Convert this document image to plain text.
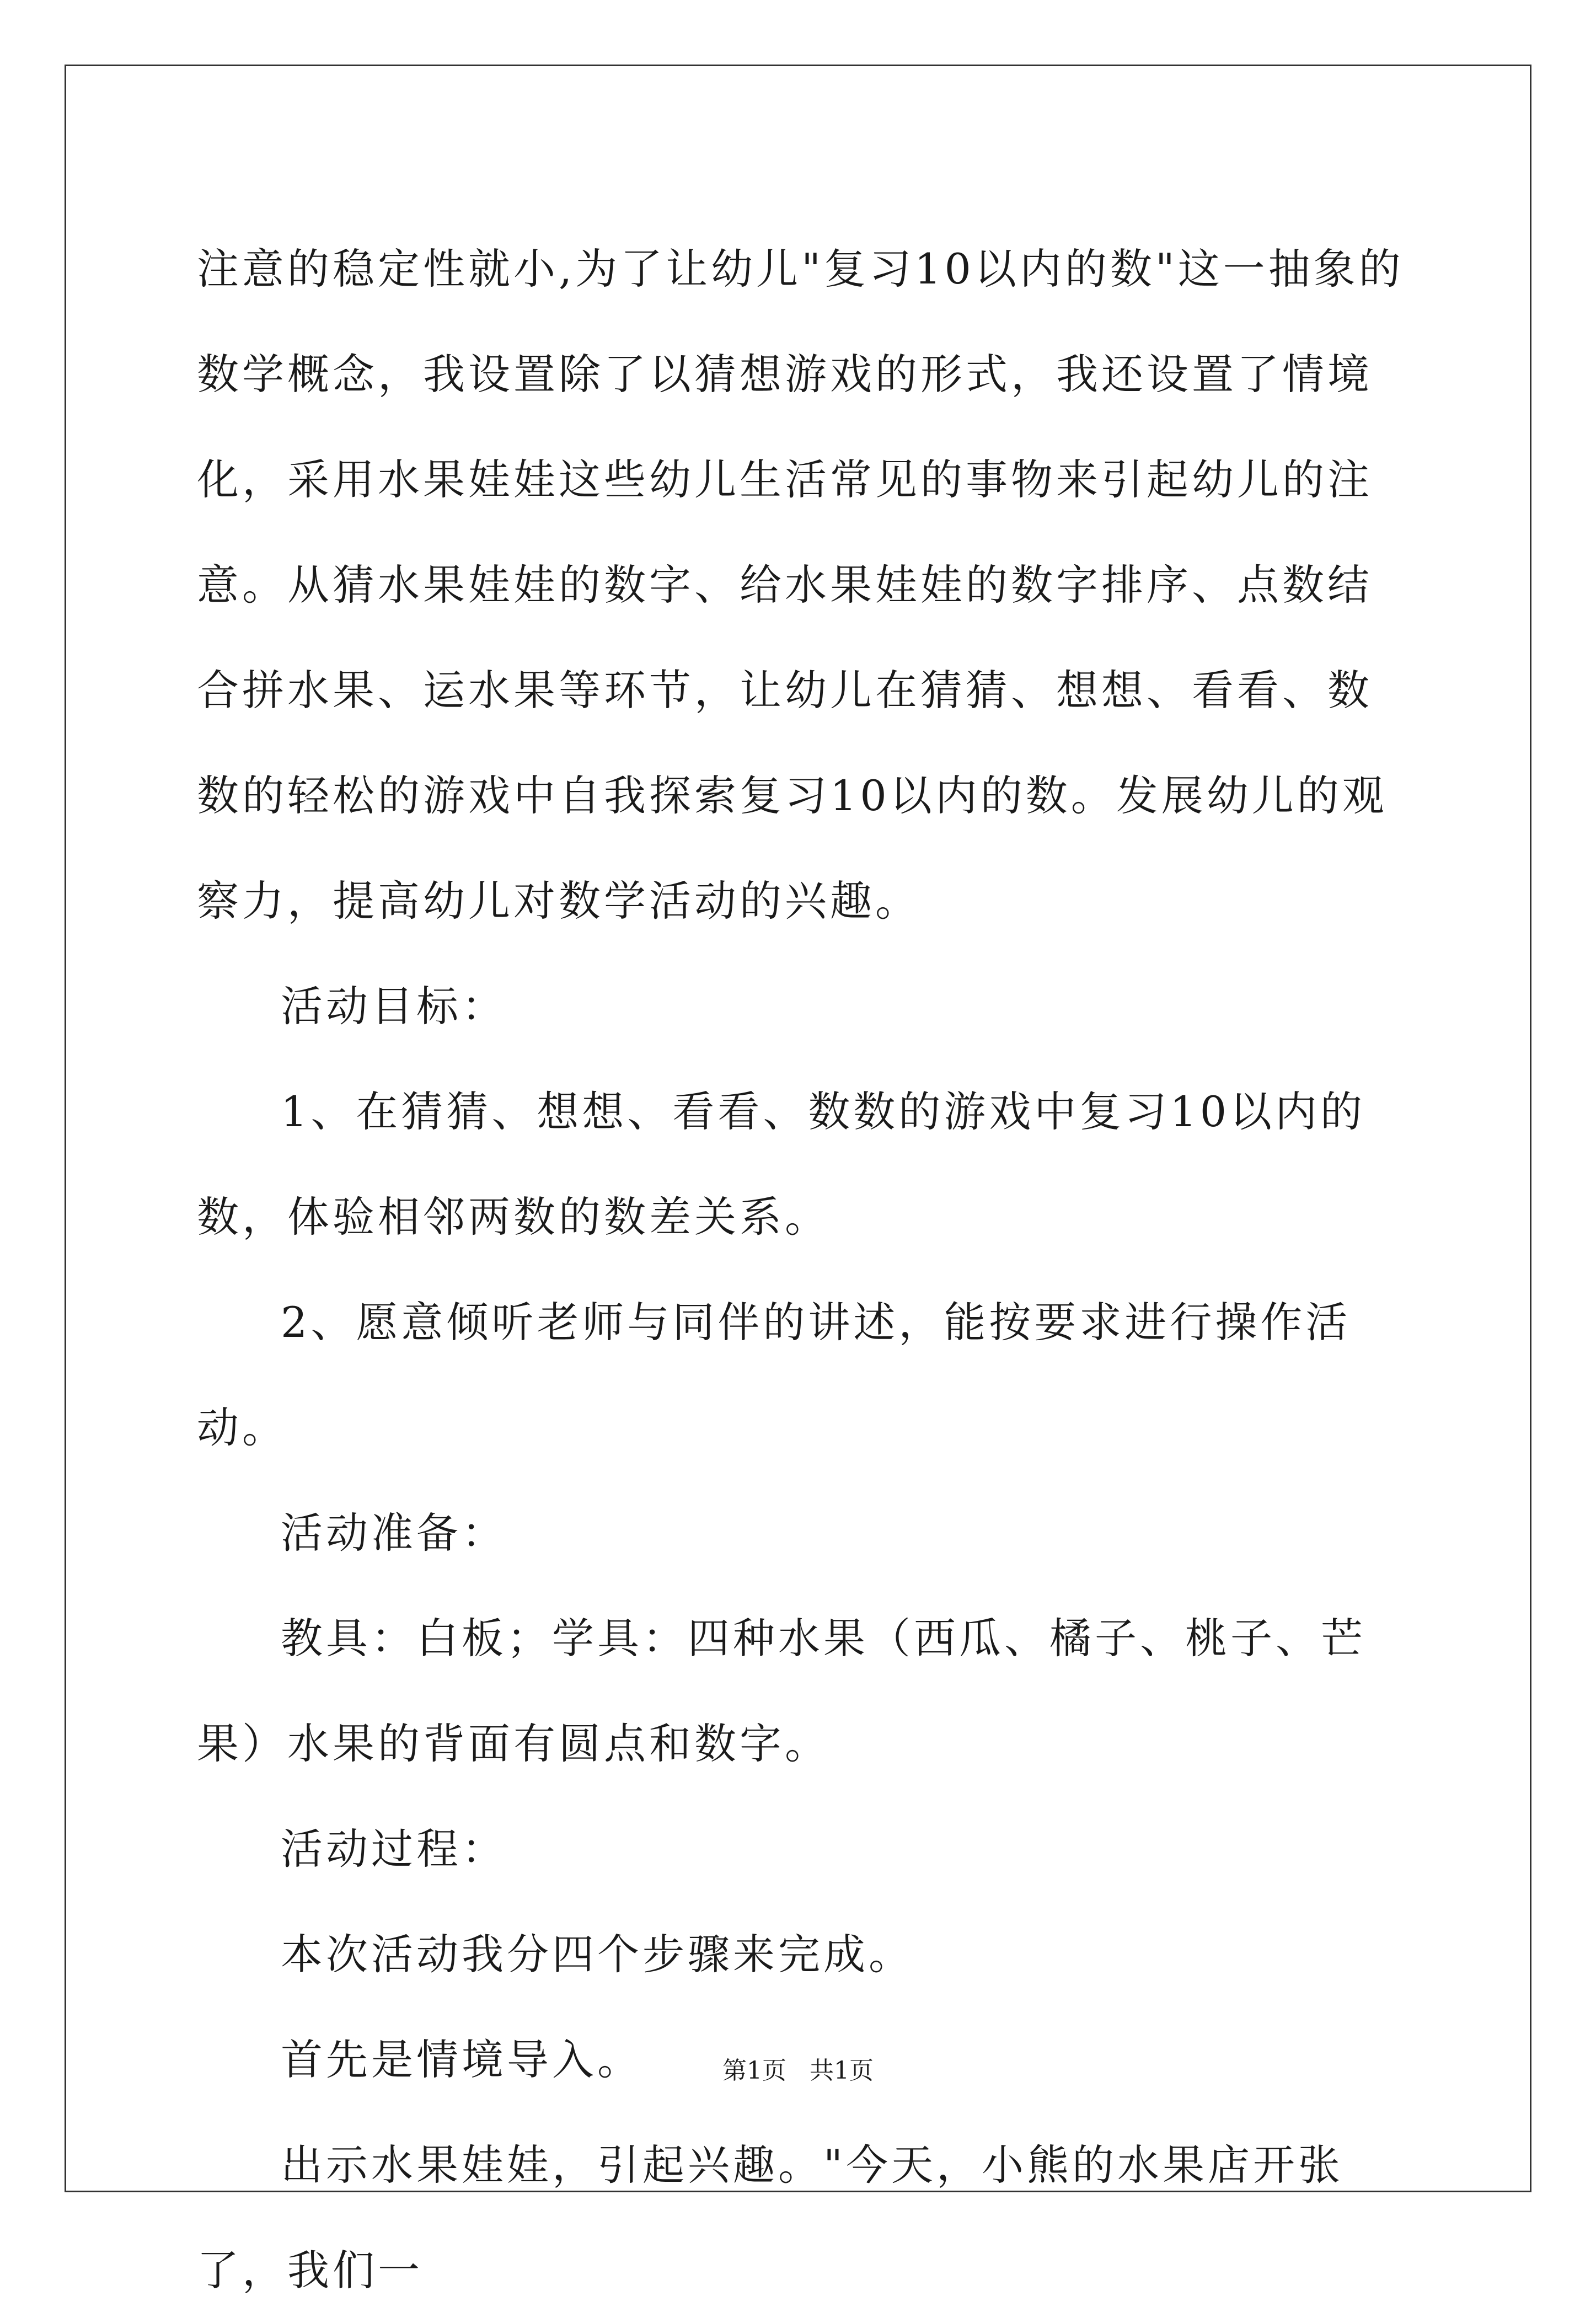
注意的稳定性就小,为了让幼儿"复习10以内的数"这一抽象的数学概念，我设置除了以猜想游戏的形式，我还设置了情境化，采用水果娃娃这些幼儿生活常见的事物来引起幼儿的注意。从猜水果娃娃的数字、给水果娃娃的数字排序、点数结合拼水果、运水果等环节，让幼儿在猜猜、想想、看看、数数的轻松的游戏中自我探索复习10以内的数。发展幼儿的观察力，提高幼儿对数学活动的兴趣。

活动目标：

1、在猜猜、想想、看看、数数的游戏中复习10以内的数，体验相邻两数的数差关系。

2、愿意倾听老师与同伴的讲述，能按要求进行操作活动。

活动准备：

教具：白板；学具：四种水果（西瓜、橘子、桃子、芒果）水果的背面有圆点和数字。

活动过程：

本次活动我分四个步骤来完成。

首先是情境导入。

出示水果娃娃，引起兴趣。"今天，小熊的水果店开张了，我们一

第1页 共1页
